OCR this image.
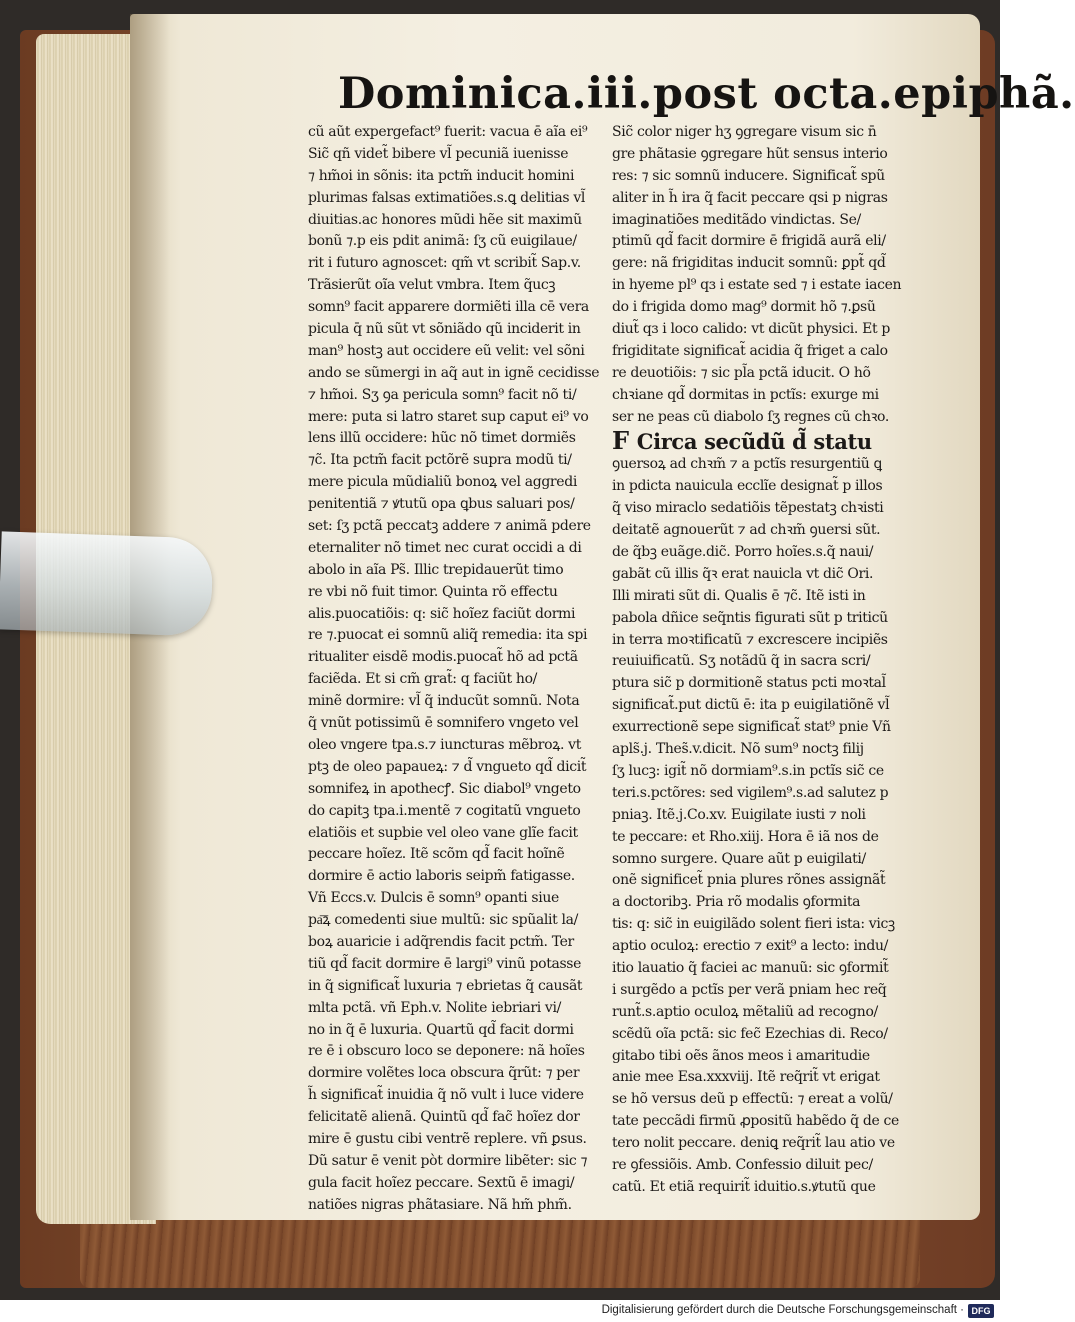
Dominica.iii.post octa.epiphã.
cũ aũt expergefact⁹ fuerit: vacua ē aĩa ei⁹
Sic̃ qñ videt̃ bibere vl̃ pecuniã iuenisse
⁊ hm̃oi in sõnis: ita pctm̃ inducit homini
plurimas falsas extimatiões.s.ꝗ delitias vl̃
diuitias.ac honores mũdi hẽe sit maximũ
bonũ ⁊.p eis pdit animã: ſʒ cũ euigilaue/
rit i futuro agnoscet: qm̃ vt scribit̃ Sap.v.
Trãsierũt oĩa velut vmbra. Item q̃ucꝫ
somn⁹ facit apparere dormiẽti illa cē vera
picula q̄ nũ sũt vt sõniãdo qũ inciderit in
man⁹ hostꝫ aut occidere eũ velit: vel sõni
ando se sũmergi in aq̃ aut in ignẽ cecidisse
⁊ hm̃oi. Sʒ ꝯa pericula somn⁹ facit nõ ti/
mere: puta si latro staret sup caput ei⁹ vo
lens illũ occidere: hũc nõ timet dormiẽs
⁊c̃. Ita pctm̃ facit pctõrẽ supra modũ ti/
mere picula mũdialiũ bonoꝝ vel aggredi
penitentiã ⁊ ꝟtutũ opa ꝗbus saluari pos/
set: ſʒ pctã peccatꝫ addere ⁊ animã pdere
eternaliter nõ timet nec curat occidi a di
abolo in aĩa Ps̃. Illic trepidauerũt timo
re vbi nõ fuit timor. Quinta rõ effectu
alis.puocatiõis: q: sic̃ hoĩez faciũt dormi
re ⁊.puocat ei somnũ aliq̃ remedia: ita spi
ritualiter eisdẽ modis.puocat̃ hõ ad pctã
faciẽda. Et si cm̃ grat̃: q faciũt ho/
minẽ dormire: vl̃ q̃ inducũt somnũ. Nota
q̃ vnũt potissimũ ē somnifero vngeto vel
oleo vngere tpa.s.⁊ iuncturas mẽbroꝝ. vt
ptꝫ de oleo papaueꝝ: ⁊ d̃ vngueto qd̃ dicit̃
somnifeꝝ in apothecꝭ. Sic diabol⁹ vngeto
do capitꝫ tpa.i.mentẽ ⁊ cogitatũ vngueto
elatiõis et supbie vel oleo vane glĩe facit
peccare hoĩez. Itẽ scõm qd̃ facit hoĩnẽ
dormire ē actio laboris seipm̃ fatigasse.
Vñ Eccs.v. Dulcis ē somn⁹ opanti siue
pa͞ꝝ comedenti siue multũ: sic spũalit la/
boꝝ auaricie i adq̃rendis facit pctm̃. Ter
tiũ qd̃ facit dormire ē largi⁹ vinũ potasse
in q̃ significat̃ luxuria ⁊ ebrietas q̃ causãt
mlta pctã. vñ Eph.v. Nolite iebriari vi/
no in q̃ ē luxuria. Quartũ qd̃ facit dormi
re ē i obscuro loco se deponere: nã hoĩes
dormire volẽtes loca obscura q̃rũt: ⁊ per
h̃ significat̃ inuidia q̃ nõ vult i luce videre
felicitatẽ alienã. Quintũ qd̃ fac̃ hoĩez dor
mire ē gustu cibi ventrẽ replere. vñ ꝑsus.
Dũ satur ē venit pòt dormire libẽter: sic ⁊
gula facit hoĩez peccare. Sextũ ē imagi/
natiões nigras phãtasiare. Nã hm̃ phm̃.
Sic̃ color niger hʒ ꝯgregare visum sic n̄
gre phãtasie ꝯgregare hũt sensus interio
res: ⁊ sic somnũ inducere. Significat̃ spũ
aliter in h̃ ira q̃ facit peccare qsi p nigras
imaginatiões meditãdo vindictas. Se/
ptimũ qd̃ facit dormire ē frigidã aurã eli/
gere: nã frigiditas inducit somnũ: ꝑpt̃ qd̃
in hyeme pl⁹ qɜ i estate sed ⁊ i estate iacen
do i frigida domo mag⁹ dormit hõ ⁊.ꝑsũ
diut̃ qɜ i loco calido: vt dicũt physici. Et p
frigiditate significat̃ acidia q̃ friget a calo
re deuotiõis: ⁊ sic pl̃a pctã iducit. O hõ
chꝛiane qd̃ dormitas in pctĩs: exurge mi
ser ne peas cũ diabolo ſʒ regnes cũ chꝛo.
F Circa secũdũ d̃ statu
ꝯuersoꝝ ad chꝛm̃ ⁊ a pctĩs resurgentiũ ꝗ
in pdicta nauicula ecclĩe designat̃ p illos
q̃ viso miraclo sedatiõis tẽpestatꝫ chꝛisti
deitatẽ agnouerũt ⁊ ad chꝛm̃ ꝯuersi sũt.
de q̃bꝫ euãge.dic̃. Porro hoĩes.s.q̃ naui/
gabãt cũ illis q̃ꝛ erat nauicla vt dic̃ Ori.
Illi mirati sũt di. Qualis ē ⁊c̃. Itẽ isti in
pabola dñice seq̃ntis figurati sũt p triticũ
in terra moꝛtificatũ ⁊ excrescere incipiẽs
reuiuificatũ. Sʒ notãdũ q̃ in sacra scri/
ptura sic̃ p dormitionẽ status pcti moꝛtal̃
significat̃.put dictũ ē: ita p euigilatiõnẽ vl̃
exurrectionẽ sepe significat̃ stat⁹ pnie Vñ
apls̃.j. Thes̃.v.dicit. Nõ sum⁹ noctꝫ filij
ſʒ lucꝫ: igit̃ nõ dormiam⁹.s.in pctĩs sic̃ ce
teri.s.pctõres: sed vigilem⁹.s.ad salutez p
pniaꝫ. Itẽ.j.Co.xv. Euigilate iusti ⁊ noli
te peccare: et Rho.xiij. Hora ē iã nos de
somno surgere. Quare aũt p euigilati/
onẽ significet̃ pnia plures rõnes assignãt̃
a doctoribꝫ. Pria rõ modalis ꝯformita
tis: q: sic̃ in euigilãdo solent fieri ista: vicꝫ
aptio oculoꝝ: erectio ⁊ exit⁹ a lecto: indu/
itio lauatio q̃ faciei ac manuũ: sic ꝯformit̃
i surgẽdo a pctĩs per verã pniam hec req̃
runt̃.s.aptio oculoꝝ mẽtaliũ ad recogno/
scẽdũ oĩa pctã: sic fec̃ Ezechias di. Reco/
gitabo tibi oẽs ãnos meos i amaritudie
anie mee Esa.xxxviij. Itẽ req̃rit̃ vt erigat
se hõ versus deũ p effectũ: ⁊ ereat a volũ/
tate peccãdi firmũ ꝓpositũ habẽdo q̃ de ce
tero nolit peccare. deniꝗ req̃rit̃ lau atio ve
re ꝯfessiõis. Amb. Confessio diluit pec/
catũ. Et etiã requirit̃ iduitio.s.ꝟtutũ que
Digitalisierung gefördert durch die Deutsche Forschungsgemeinschaft · DFG
